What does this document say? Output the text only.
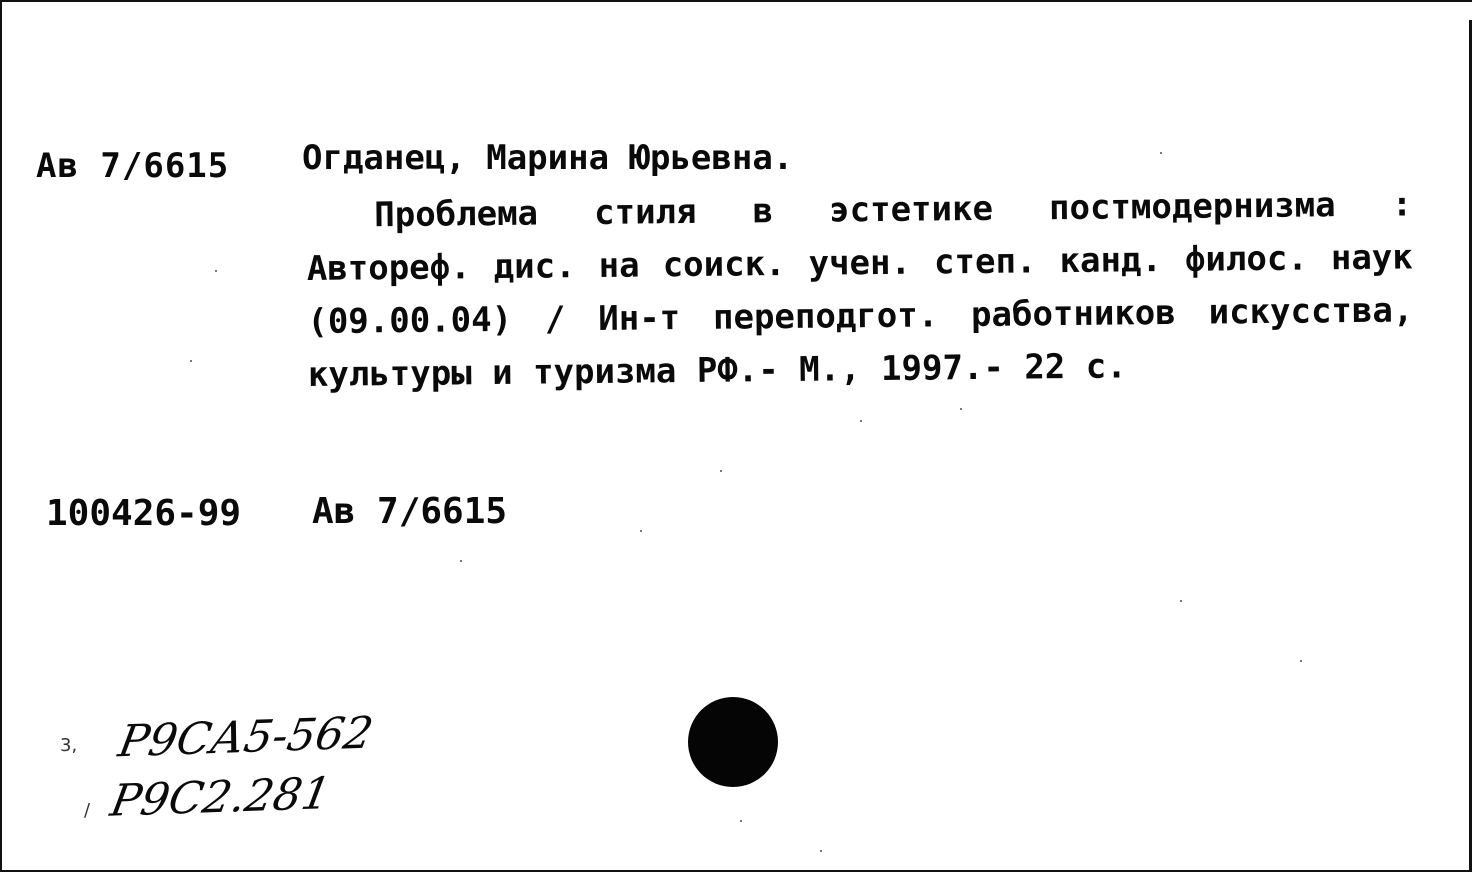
Ав 7/6615 Огданец, Марина Юрьевна.
Проблема стиля в эстетике постмодернизма : Автореф. дис. на соиск. учен. степ. канд. филос. наук (09.00.04) / Ин-т переподгот. работников искусства, культуры и туризма РФ.- М., 1997.- 22 с.
100426-99 Ав 7/6615
3, Р9СА5-562
/ Р9С2.281
